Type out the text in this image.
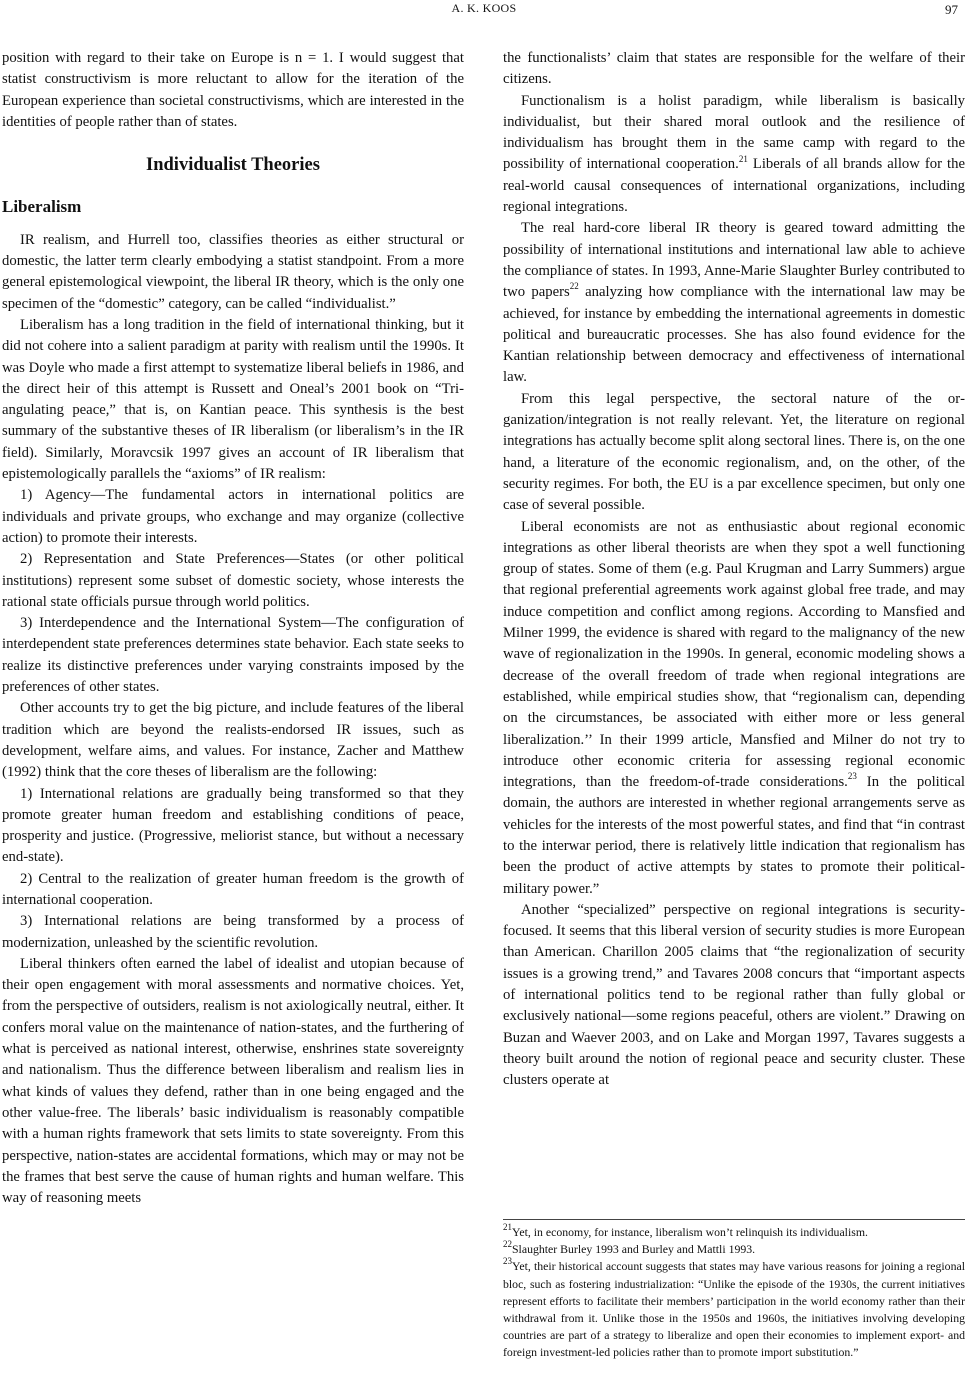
A. K. KOOS	97

position with regard to their take on Europe is n = 1. I would suggest that statist constructivism is more reluctant to allow for the iteration of the European experience than societal constructivisms, which are interested in the identities of people rather than of states.

Individualist Theories
Liberalism

IR realism, and Hurrell too, classifies theories as either structural or domestic, the latter term clearly embodying a statist standpoint. From a more general epistemological viewpoint, the liberal IR theory, which is the only one specimen of the “domestic” category, can be called “individualist.”

Liberalism has a long tradition in the field of international thinking, but it did not cohere into a salient paradigm at parity with realism until the 1990s. It was Doyle who made a first attempt to systematize liberal beliefs in 1986, and the direct heir of this attempt is Russett and Oneal’s 2001 book on “Triangulating peace,” that is, on Kantian peace. This synthesis is the best summary of the substantive theses of IR liberalism (or liberalism’s in the IR field). Similarly, Moravcsik 1997 gives an account of IR liberalism that epistemologically parallels the “axioms” of IR realism:

1) Agency—The fundamental actors in international politics are individuals and private groups, who exchange and may organize (collective action) to promote their interests.

2) Representation and State Preferences—States (or other political institutions) represent some subset of domestic society, whose interests the rational state officials pursue through world politics.

3) Interdependence and the International System—The configuration of interdependent state preferences determines state behavior. Each state seeks to realize its distinctive preferences under varying constraints imposed by the preferences of other states.

Other accounts try to get the big picture, and include features of the liberal tradition which are beyond the realists-endorsed IR issues, such as development, welfare aims, and values. For instance, Zacher and Matthew (1992) think that the core theses of liberalism are the following:

1) International relations are gradually being transformed so that they promote greater human freedom and establishing conditions of peace, prosperity and justice. (Progressive, meliorist stance, but without a necessary end-state).

2) Central to the realization of greater human freedom is the growth of international cooperation.

3) International relations are being transformed by a process of modernization, unleashed by the scientific revolution.

Liberal thinkers often earned the label of idealist and utopian because of their open engagement with moral assessments and normative choices. Yet, from the perspective of outsiders, realism is not axiologically neutral, either. It confers moral value on the maintenance of nation-states, and the furthering of what is perceived as national interest, otherwise, enshrines state sovereignty and nationalism. Thus the difference between liberalism and realism lies in what kinds of values they defend, rather than in one being engaged and the other value-free. The liberals’ basic individualism is reasonably compatible with a human rights framework that sets limits to state sovereignty. From this perspective, nation-states are accidental formations, which may or may not be the frames that best serve the cause of human rights and human welfare. This way of reasoning meets

the functionalists’ claim that states are responsible for the welfare of their citizens.

Functionalism is a holist paradigm, while liberalism is basically individualist, but their shared moral outlook and the resilience of individualism has brought them in the same camp with regard to the possibility of international cooperation.$^{21}$ Liberals of all brands allow for the real-world causal consequences of international organizations, including regional integrations.

The real hard-core liberal IR theory is geared toward admitting the possibility of international institutions and international law able to achieve the compliance of states. In 1993, Anne-Marie Slaughter Burley contributed to two papers$^{22}$ analyzing how compliance with the international law may be achieved, for instance by embedding the international agreements in domestic political and bureaucratic processes. She has also found evidence for the Kantian relationship between democracy and effectiveness of international law.

From this legal perspective, the sectoral nature of the organization/integration is not really relevant. Yet, the literature on regional integrations has actually become split along sectoral lines. There is, on the one hand, a literature of the economic regionalism, and, on the other, of the security regimes. For both, the EU is a par excellence specimen, but only one case of several possible.

Liberal economists are not as enthusiastic about regional economic integrations as other liberal theorists are when they spot a well functioning group of states. Some of them (e.g. Paul Krugman and Larry Summers) argue that regional preferential agreements work against global free trade, and may induce competition and conflict among regions. According to Mansfied and Milner 1999, the evidence is shared with regard to the malignancy of the new wave of regionalization in the 1990s. In general, economic modeling shows a decrease of the overall freedom of trade when regional integrations are established, while empirical studies show, that “regionalism can, depending on the circumstances, be associated with either more or less general liberalization.’’ In their 1999 article, Mansfied and Milner do not try to introduce other economic criteria for assessing regional economic integrations, than the freedom-of-trade considerations.$^{23}$ In the political domain, the authors are interested in whether regional arrangements serve as vehicles for the interests of the most powerful states, and find that “in contrast to the interwar period, there is relatively little indication that regionalism has been the product of active attempts by states to promote their political-military power.”

Another “specialized” perspective on regional integrations is security-focused. It seems that this liberal version of security studies is more European than American. Charillon 2005 claims that “the regionalization of security issues is a growing trend,” and Tavares 2008 concurs that “important aspects of international politics tend to be regional rather than fully global or exclusively national—some regions peaceful, others are violent.” Drawing on Buzan and Waever 2003, and on Lake and Morgan 1997, Tavares suggests a theory built around the notion of regional peace and security cluster. These clusters operate at

$^{21}$Yet, in economy, for instance, liberalism won’t relinquish its individualism.
$^{22}$Slaughter Burley 1993 and Burley and Mattli 1993.
$^{23}$Yet, their historical account suggests that states may have various reasons for joining a regional bloc, such as fostering industrialization: “Unlike the episode of the 1930s, the current initiatives represent efforts to facilitate their members’ participation in the world economy rather than their withdrawal from it. Unlike those in the 1950s and 1960s, the initiatives involving developing countries are part of a strategy to liberalize and open their economies to implement export- and foreign investment-led policies rather than to promote import substitution.”
